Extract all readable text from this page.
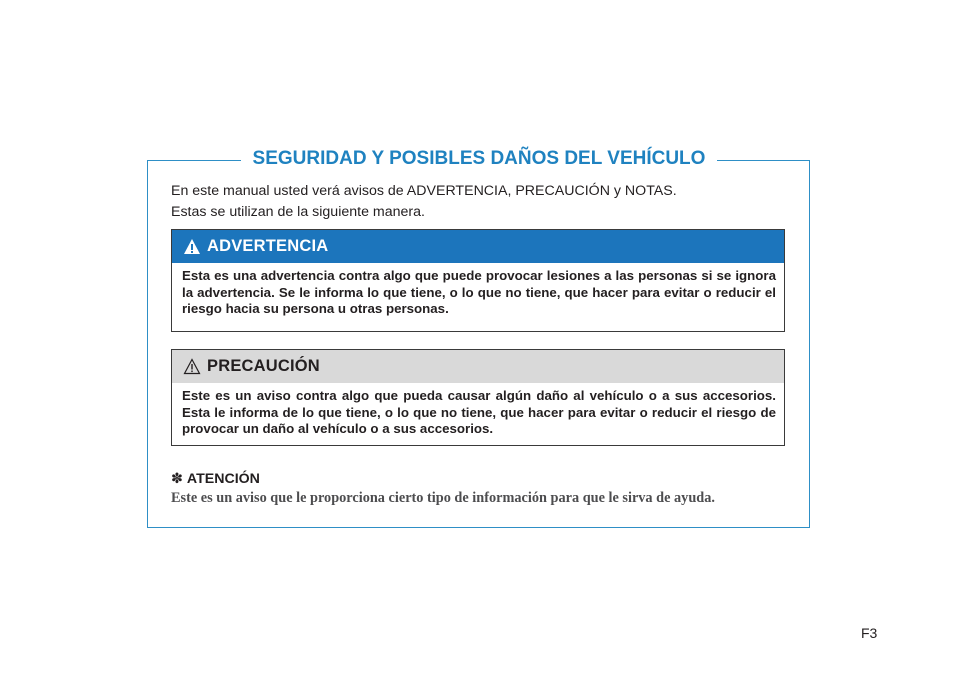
SEGURIDAD Y POSIBLES DAÑOS DEL VEHÍCULO
En este manual usted verá avisos de ADVERTENCIA, PRECAUCIÓN y NOTAS.
Estas se utilizan de la siguiente manera.
ADVERTENCIA
Esta es una advertencia contra algo que puede provocar lesiones a las personas si se ignora la advertencia. Se le informa lo que tiene, o lo que no tiene, que hacer para evitar o reducir el riesgo hacia su persona u otras personas.
PRECAUCIÓN
Este es un aviso contra algo que pueda causar algún daño al vehículo o a sus accesorios. Esta le informa de lo que tiene, o lo que no tiene, que hacer para evitar o reducir el riesgo de provocar un daño al vehículo o a sus accesorios.
✽ ATENCIÓN
Este es un aviso que le proporciona cierto tipo de información para que le sirva de ayuda.
F3
